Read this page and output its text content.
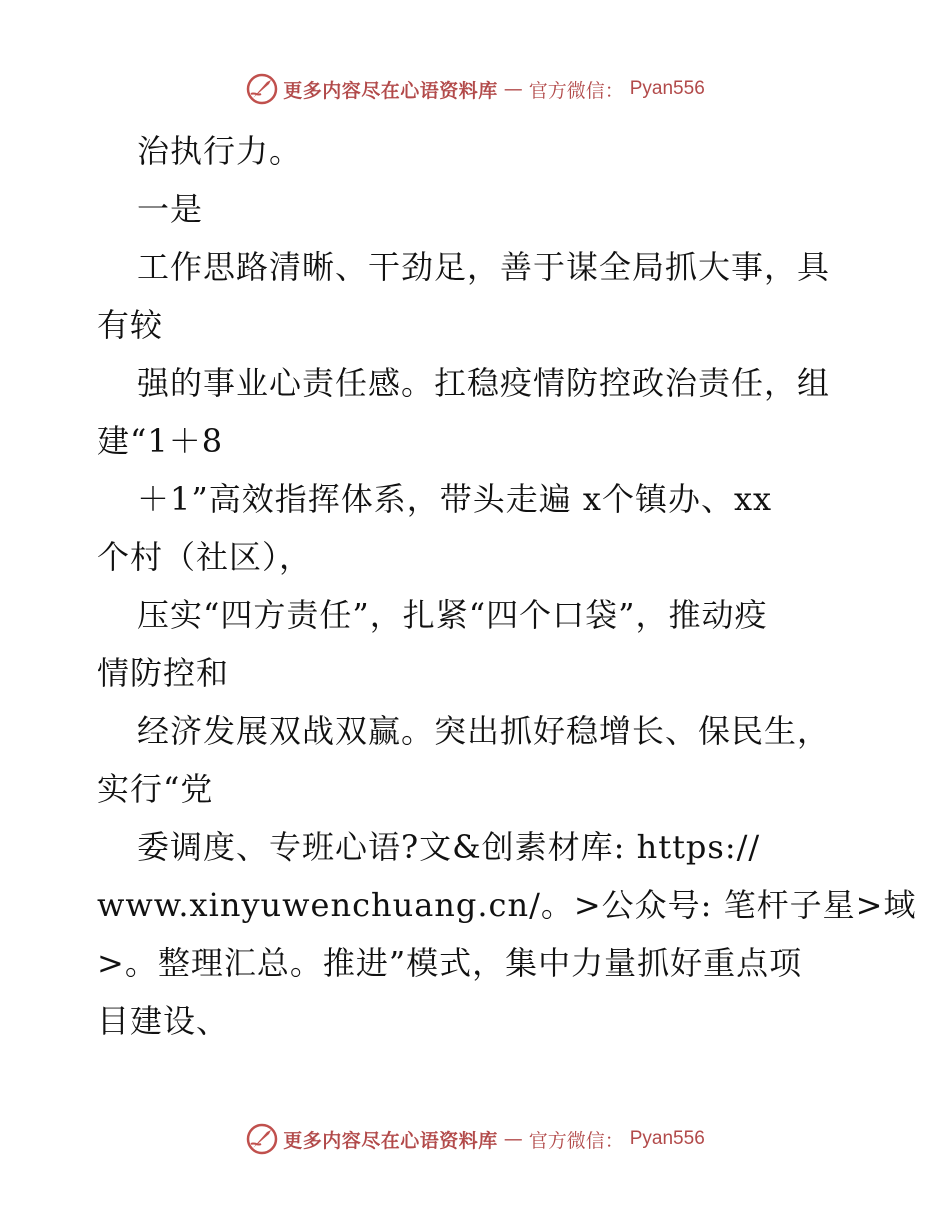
更多内容尽在心语资料库 — 官方微信： Pyan556
治执行力。
一是
工作思路清晰、干劲足，善于谋全局抓大事，具
有较
强的事业心责任感。扛稳疫情防控政治责任，组
建“1＋8
＋1”高效指挥体系，带头走遍 x个镇办、xx
个村（社区），
压实“四方责任”，扎紧“四个口袋”，推动疫
情防控和
经济发展双战双赢。突出抓好稳增长、保民生，
实行“党
委调度、专班心语?文&创素材库: https://
www.xinyuwenchuang.cn/。>公众号: 笔杆子星>域
>。整理汇总。推进”模式，集中力量抓好重点项
目建设、
更多内容尽在心语资料库 — 官方微信： Pyan556
